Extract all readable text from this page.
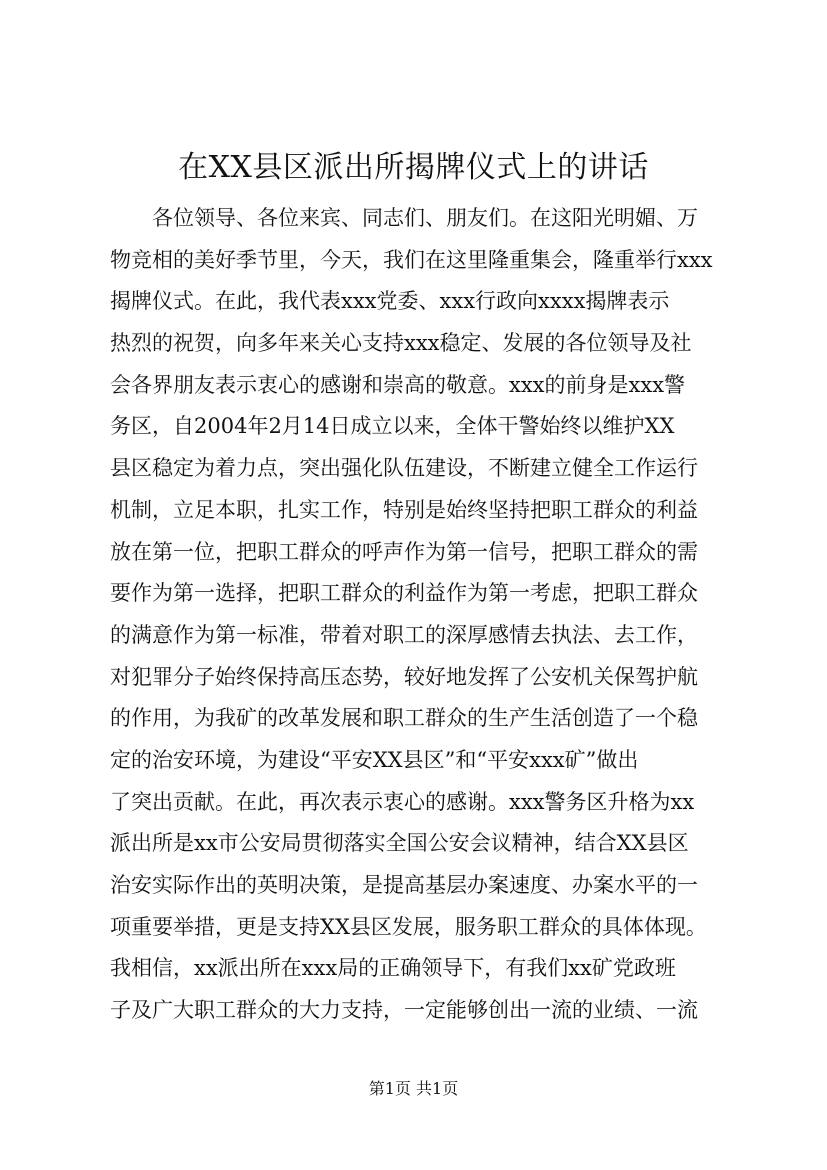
在XX县区派出所揭牌仪式上的讲话
各位领导、各位来宾、同志们、朋友们。在这阳光明媚、万
物竞相的美好季节里，今天，我们在这里隆重集会，隆重举行xxx
揭牌仪式。在此，我代表xxx党委、xxx行政向xxxx揭牌表示
热烈的祝贺，向多年来关心支持xxx稳定、发展的各位领导及社
会各界朋友表示衷心的感谢和崇高的敬意。xxx的前身是xxx警
务区，自2004年2月14日成立以来，全体干警始终以维护XX
县区稳定为着力点，突出强化队伍建设，不断建立健全工作运行
机制，立足本职，扎实工作，特别是始终坚持把职工群众的利益
放在第一位，把职工群众的呼声作为第一信号，把职工群众的需
要作为第一选择，把职工群众的利益作为第一考虑，把职工群众
的满意作为第一标准，带着对职工的深厚感情去执法、去工作，
对犯罪分子始终保持高压态势，较好地发挥了公安机关保驾护航
的作用，为我矿的改革发展和职工群众的生产生活创造了一个稳
定的治安环境，为建设“平安XX县区”和“平安xxx矿”做出
了突出贡献。在此，再次表示衷心的感谢。xxx警务区升格为xx
派出所是xx市公安局贯彻落实全国公安会议精神，结合XX县区
治安实际作出的英明决策，是提高基层办案速度、办案水平的一
项重要举措，更是支持XX县区发展，服务职工群众的具体体现。
我相信，xx派出所在xxx局的正确领导下，有我们xx矿党政班
子及广大职工群众的大力支持，一定能够创出一流的业绩、一流
第1页 共1页
